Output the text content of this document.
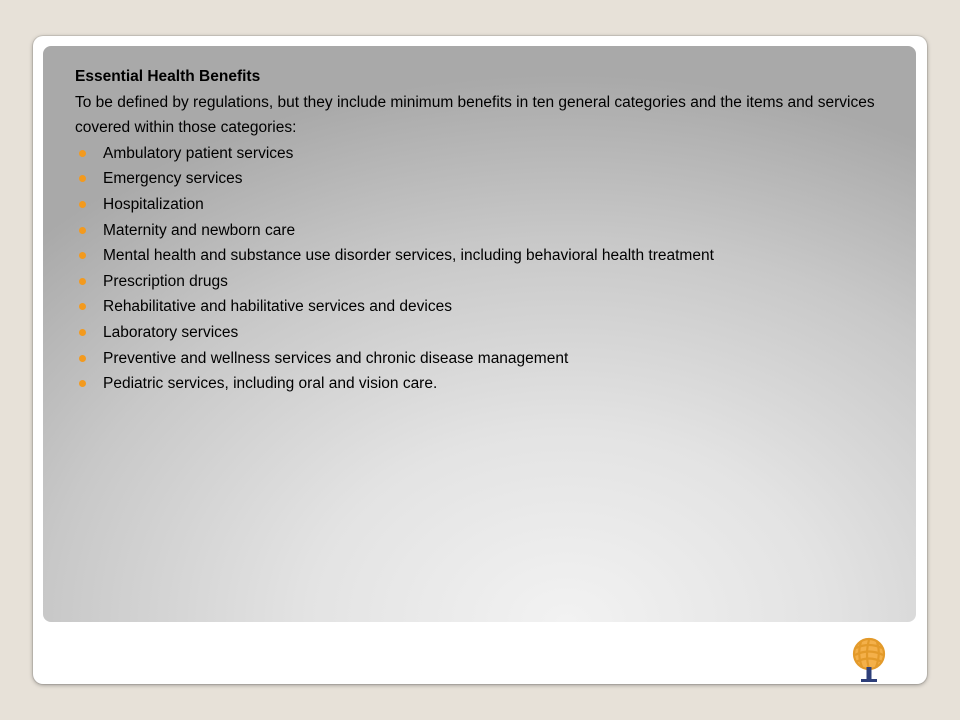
Essential Health Benefits

To be defined by regulations, but they include minimum benefits in ten general categories and the items and services covered within those categories:

Ambulatory patient services
Emergency services
Hospitalization
Maternity and newborn care
Mental health and substance use disorder services, including behavioral health treatment
Prescription drugs
Rehabilitative and habilitative services and devices
Laboratory services
Preventive and wellness services and chronic disease management
Pediatric services, including oral and vision care.
